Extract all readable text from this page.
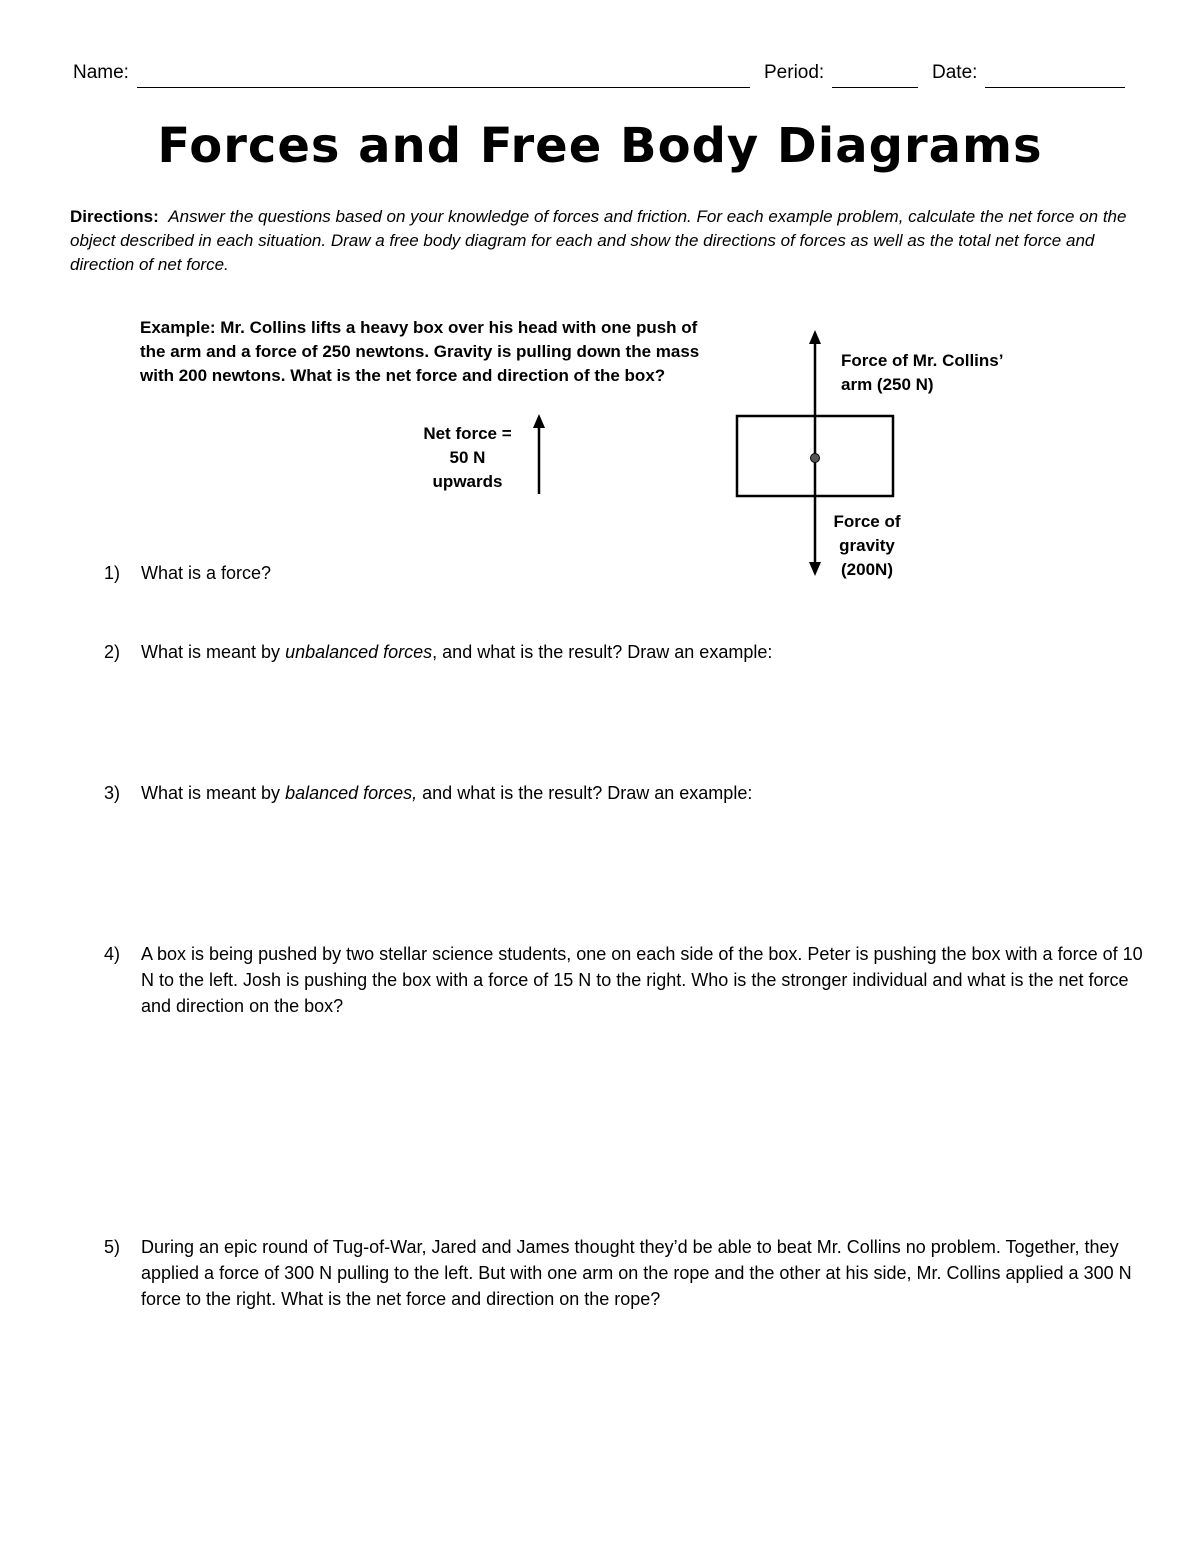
Name:	Period:	Date:
Forces and Free Body Diagrams
Directions: Answer the questions based on your knowledge of forces and friction. For each example problem, calculate the net force on the object described in each situation. Draw a free body diagram for each and show the directions of forces as well as the total net force and direction of net force.
Example: Mr. Collins lifts a heavy box over his head with one push of the arm and a force of 250 newtons. Gravity is pulling down the mass with 200 newtons. What is the net force and direction of the box?
Net force =
50 N
upwards
Force of Mr. Collins’
arm (250 N)
Force of
gravity
(200N)
1) What is a force?
2) What is meant by unbalanced forces, and what is the result? Draw an example:
3) What is meant by balanced forces, and what is the result? Draw an example:
4) A box is being pushed by two stellar science students, one on each side of the box. Peter is pushing the box with a force of 10 N to the left. Josh is pushing the box with a force of 15 N to the right. Who is the stronger individual and what is the net force and direction on the box?
5) During an epic round of Tug-of-War, Jared and James thought they’d be able to beat Mr. Collins no problem. Together, they applied a force of 300 N pulling to the left. But with one arm on the rope and the other at his side, Mr. Collins applied a 300 N force to the right. What is the net force and direction on the rope?
